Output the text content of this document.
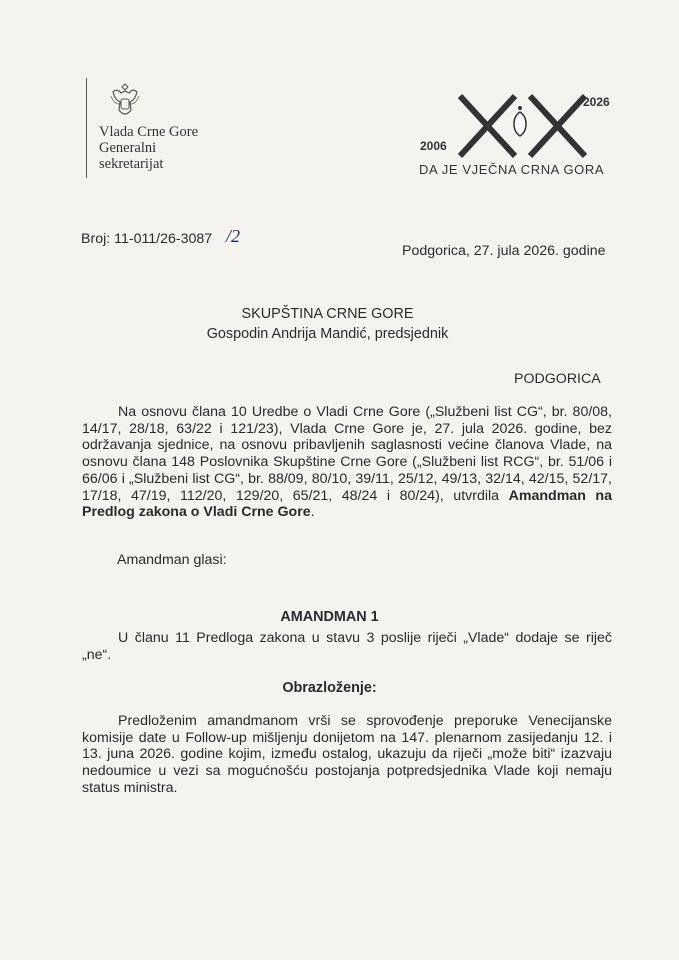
Vlada Crne Gore
Generalni
sekretarijat
2026
2006
DA JE VJEČNA CRNA GORA
Broj: 11-011/26-3087 /2
Podgorica, 27. jula 2026. godine
SKUPŠTINA CRNE GORE
Gospodin Andrija Mandić, predsjednik
PODGORICA
Na osnovu člana 10 Uredbe o Vladi Crne Gore („Službeni list CG“, br. 80/08, 14/17, 28/18, 63/22 i 121/23), Vlada Crne Gore je, 27. jula 2026. godine, bez održavanja sjednice, na osnovu pribavljenih saglasnosti većine članova Vlade, na osnovu člana 148 Poslovnika Skupštine Crne Gore („Službeni list RCG“, br. 51/06 i 66/06 i „Službeni list CG“, br. 88/09, 80/10, 39/11, 25/12, 49/13, 32/14, 42/15, 52/17, 17/18, 47/19, 112/20, 129/20, 65/21, 48/24 i 80/24), utvrdila Amandman na Predlog zakona o Vladi Crne Gore.
Amandman glasi:
AMANDMAN 1
U članu 11 Predloga zakona u stavu 3 poslije riječi „Vlade“ dodaje se riječ „ne“.
Obrazloženje:
Predloženim amandmanom vrši se sprovođenje preporuke Venecijanske komisije date u Follow-up mišljenju donijetom na 147. plenarnom zasijedanju 12. i 13. juna 2026. godine kojim, između ostalog, ukazuju da riječi „može biti“ izazvaju nedoumice u vezi sa mogućnošću postojanja potpredsjednika Vlade koji nemaju status ministra.
